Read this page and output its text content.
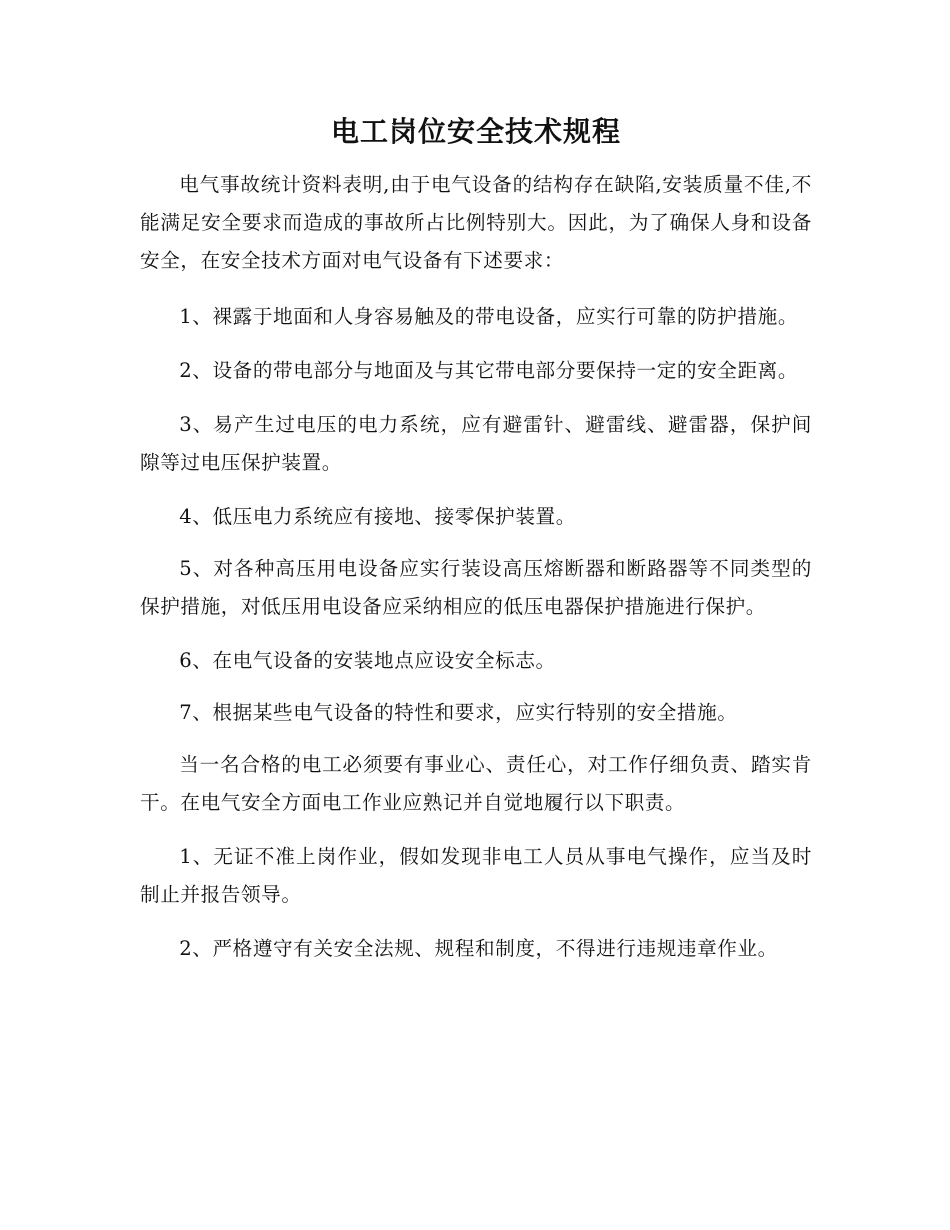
电工岗位安全技术规程

电气事故统计资料表明,由于电气设备的结构存在缺陷,安装质量不佳,不能满足安全要求而造成的事故所占比例特别大。因此，为了确保人身和设备安全，在安全技术方面对电气设备有下述要求：

1、裸露于地面和人身容易触及的带电设备，应实行可靠的防护措施。

2、设备的带电部分与地面及与其它带电部分要保持一定的安全距离。

3、易产生过电压的电力系统，应有避雷针、避雷线、避雷器，保护间隙等过电压保护装置。

4、低压电力系统应有接地、接零保护装置。

5、对各种高压用电设备应实行装设高压熔断器和断路器等不同类型的保护措施，对低压用电设备应采纳相应的低压电器保护措施进行保护。

6、在电气设备的安装地点应设安全标志。

7、根据某些电气设备的特性和要求，应实行特别的安全措施。

当一名合格的电工必须要有事业心、责任心，对工作仔细负责、踏实肯干。在电气安全方面电工作业应熟记并自觉地履行以下职责。

1、无证不准上岗作业，假如发现非电工人员从事电气操作，应当及时制止并报告领导。

2、严格遵守有关安全法规、规程和制度，不得进行违规违章作业。
